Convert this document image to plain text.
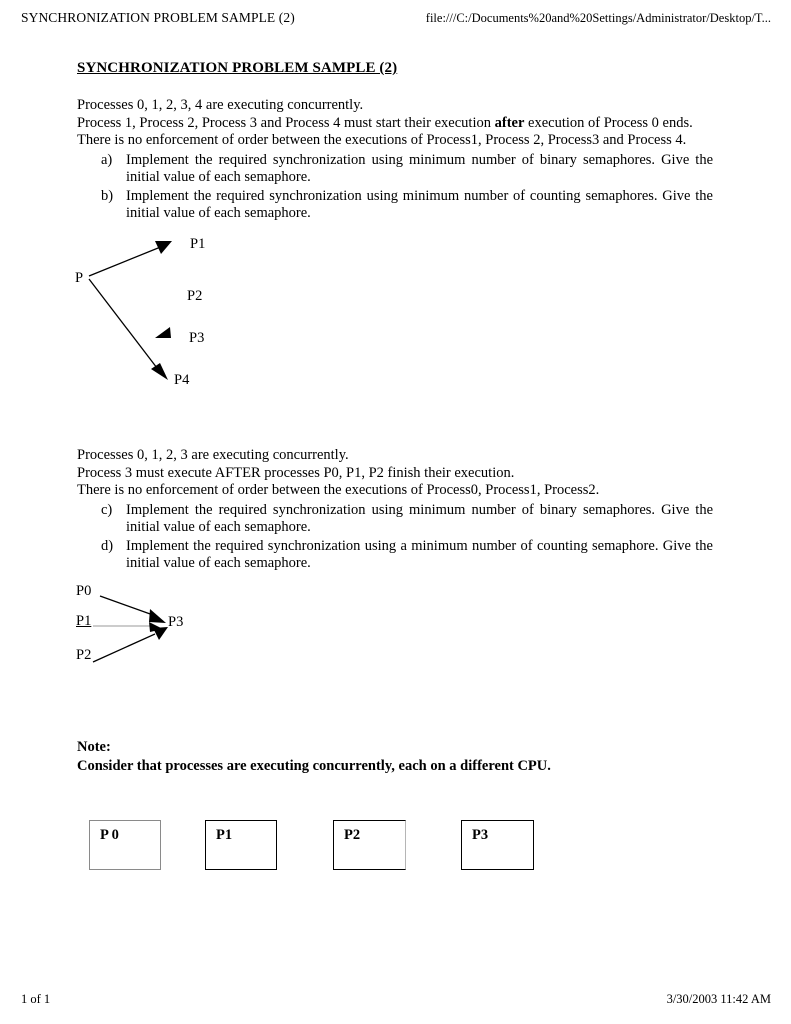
SYNCHRONIZATION PROBLEM SAMPLE (2)	file:///C:/Documents%20and%20Settings/Administrator/Desktop/T...
SYNCHRONIZATION PROBLEM SAMPLE (2)

Processes 0, 1, 2, 3, 4 are executing concurrently.

Process 1, Process 2, Process 3 and Process 4 must start their execution after execution of Process 0 ends.

There is no enforcement of order between the executions of Process1, Process 2, Process3 and Process 4.

a) Implement the required synchronization using minimum number of binary semaphores. Give the initial value of each semaphore.
b) Implement the required synchronization using minimum number of counting semaphores. Give the initial value of each semaphore.
P
P1
P2
P3
P4

Processes 0, 1, 2, 3 are executing concurrently.

Process 3 must execute AFTER processes P0, P1, P2 finish their execution.

There is no enforcement of order between the executions of Process0, Process1, Process2.

c) Implement the required synchronization using minimum number of binary semaphores. Give the initial value of each semaphore.
d) Implement the required synchronization using a minimum number of counting semaphore. Give the initial value of each semaphore.
P0
P1
P2
P3
Note:
Consider that processes are executing concurrently, each on a different CPU.
P 0	P1	P2	P3
1 of 1	3/30/2003 11:42 AM
